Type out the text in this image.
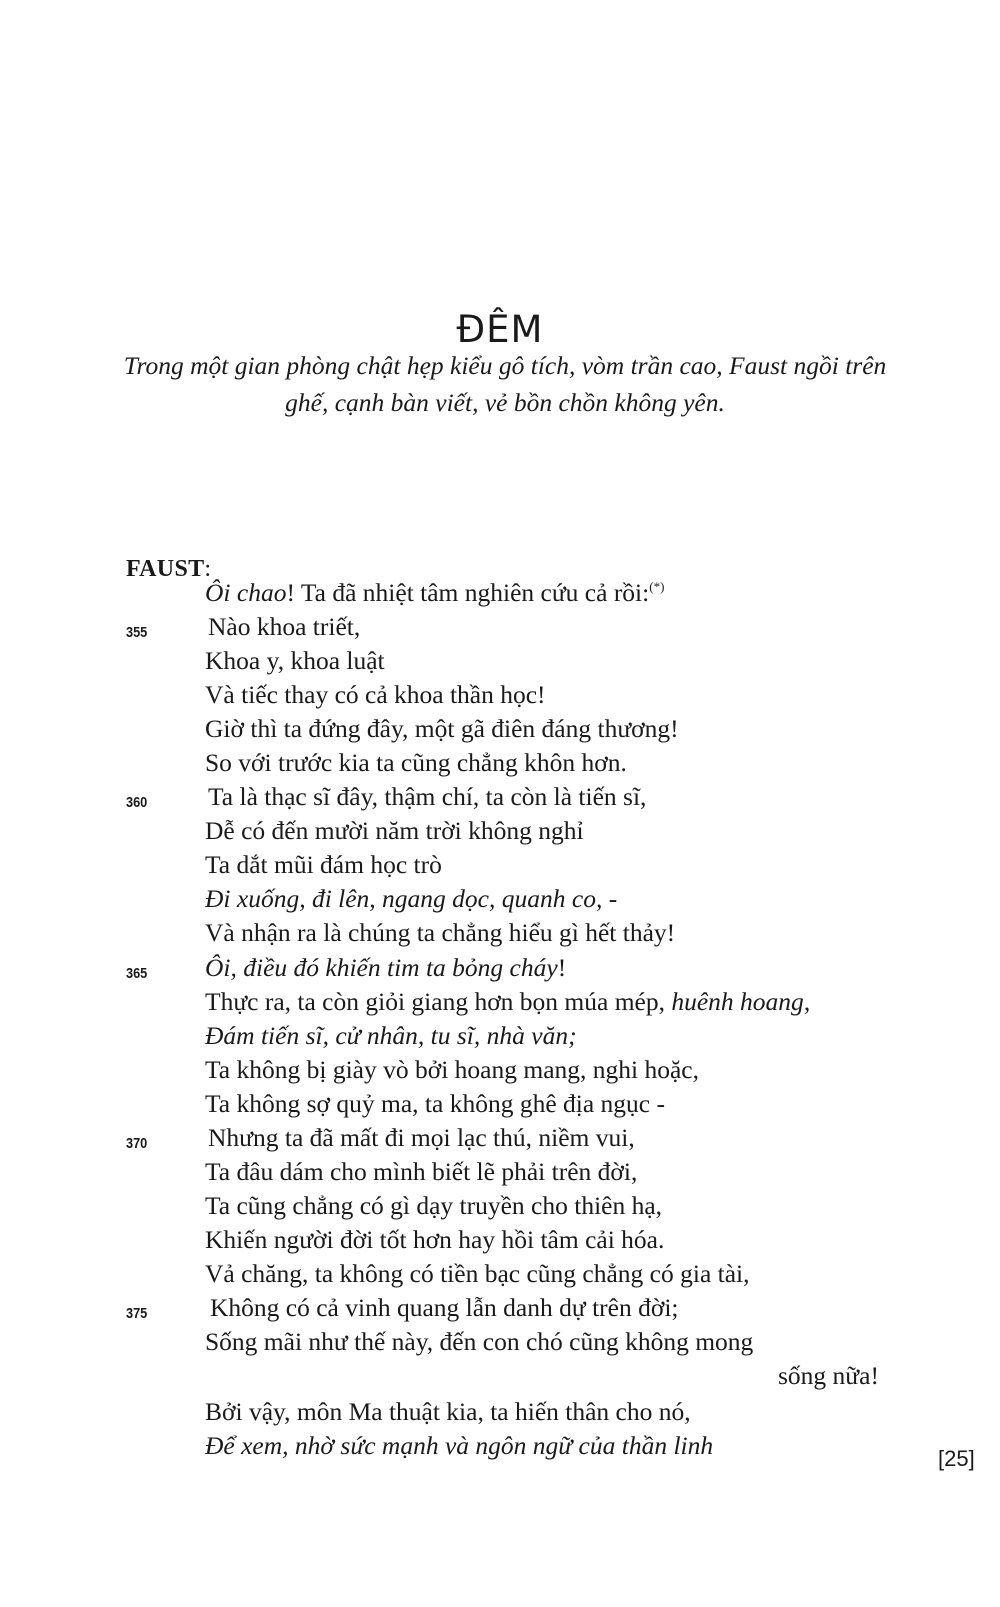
ĐÊM
Trong một gian phòng chật hẹp kiểu gô tích, vòm trần cao, Faust ngồi trên ghế, cạnh bàn viết, vẻ bồn chồn không yên.
FAUST:
Ôi chao! Ta đã nhiệt tâm nghiên cứu cả rồi:(*)
355 Nào khoa triết,
Khoa y, khoa luật
Và tiếc thay có cả khoa thần học!
Giờ thì ta đứng đây, một gã điên đáng thương!
So với trước kia ta cũng chẳng khôn hơn.
360 Ta là thạc sĩ đây, thậm chí, ta còn là tiến sĩ,
Dễ có đến mười năm trời không nghỉ
Ta dắt mũi đám học trò
Đi xuống, đi lên, ngang dọc, quanh co, -
Và nhận ra là chúng ta chẳng hiểu gì hết thảy!
365 Ôi, điều đó khiến tim ta bỏng cháy!
Thực ra, ta còn giỏi giang hơn bọn múa mép, huênh hoang,
Đám tiến sĩ, cử nhân, tu sĩ, nhà văn;
Ta không bị giày vò bởi hoang mang, nghi hoặc,
Ta không sợ quỷ ma, ta không ghê địa ngục -
370 Nhưng ta đã mất đi mọi lạc thú, niềm vui,
Ta đâu dám cho mình biết lẽ phải trên đời,
Ta cũng chẳng có gì dạy truyền cho thiên hạ,
Khiến người đời tốt hơn hay hồi tâm cải hóa.
Vả chăng, ta không có tiền bạc cũng chẳng có gia tài,
375 Không có cả vinh quang lẫn danh dự trên đời;
Sống mãi như thế này, đến con chó cũng không mong
sống nữa!
Bởi vậy, môn Ma thuật kia, ta hiến thân cho nó,
Để xem, nhờ sức mạnh và ngôn ngữ của thần linh	[25]
